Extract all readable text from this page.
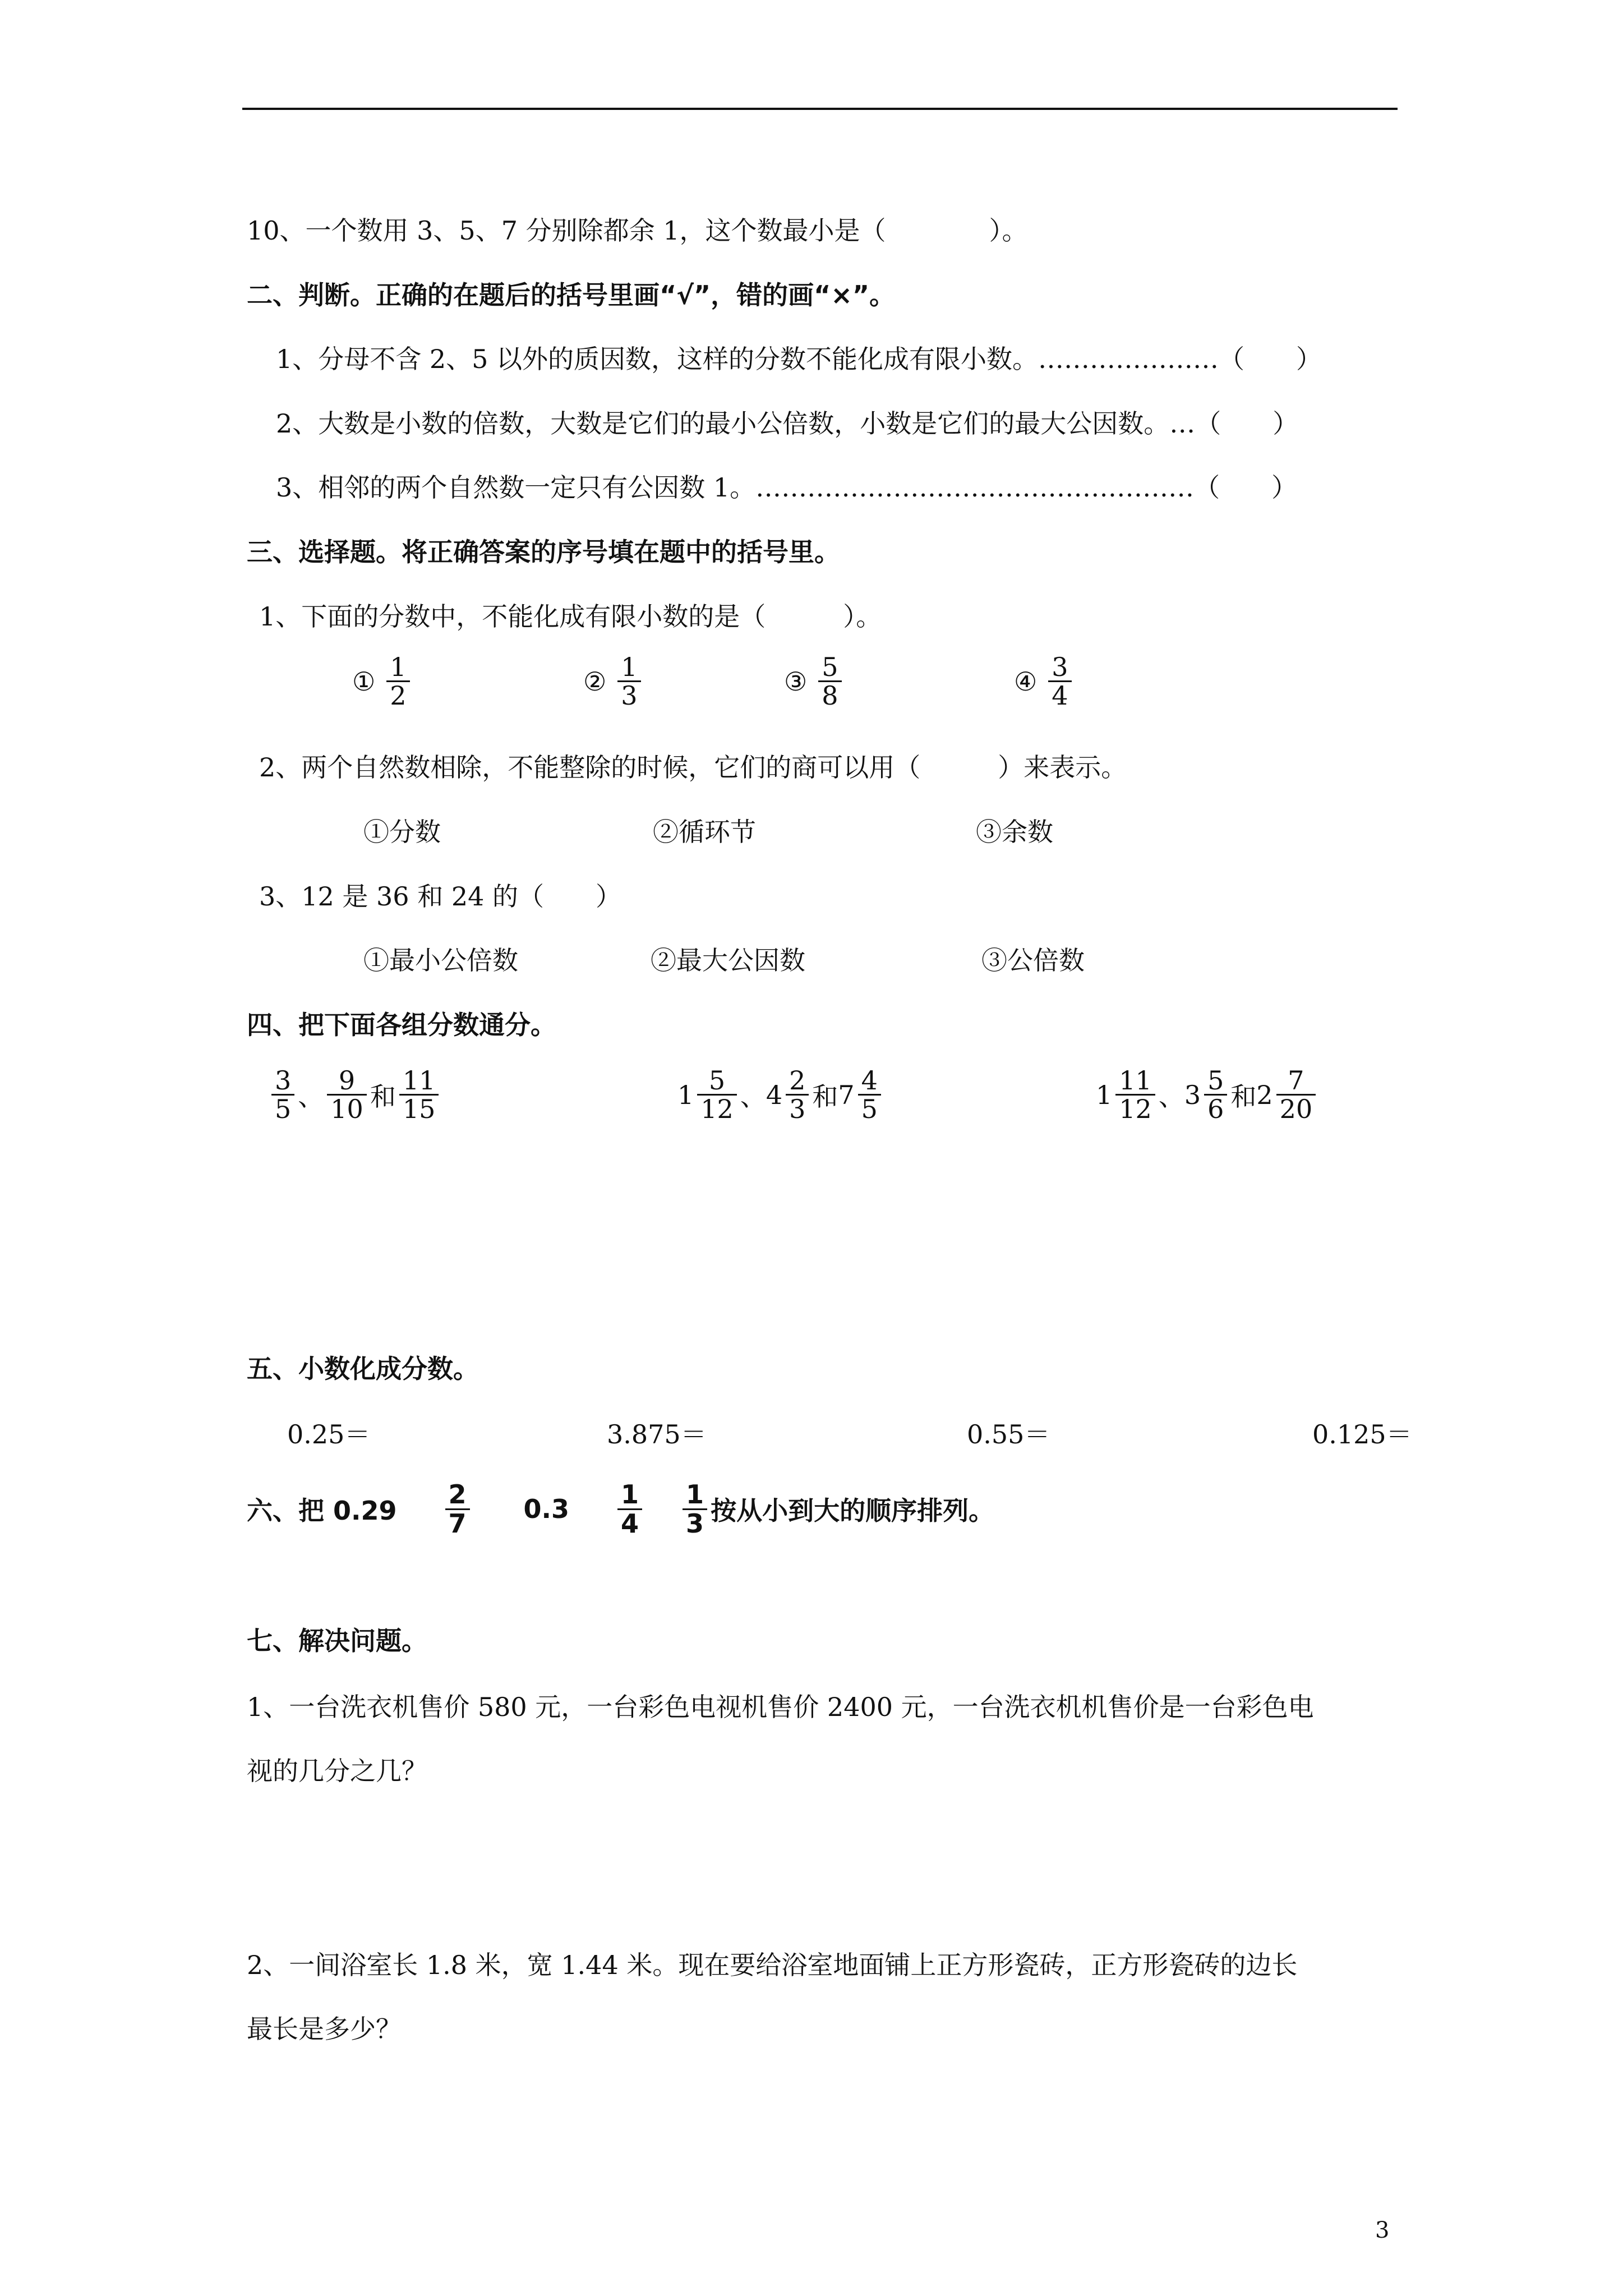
10、一个数用 3、5、7 分别除都余 1，这个数最小是（　　　　）。
二、判断。正确的在题后的括号里画“√”，错的画“×”。
1、分母不含 2、5 以外的质因数，这样的分数不能化成有限小数。…………………（　　）
2、大数是小数的倍数，大数是它们的最小公倍数，小数是它们的最大公因数。…（　　）
3、相邻的两个自然数一定只有公因数 1。……………………………………………（　　）
三、选择题。将正确答案的序号填在题中的括号里。
1、下面的分数中，不能化成有限小数的是（　　　）。
① $\frac{1}{2}$	② $\frac{1}{3}$	③ $\frac{5}{8}$	④ $\frac{3}{4}$
2、两个自然数相除，不能整除的时候，它们的商可以用（　　　）来表示。
①分数	②循环节	③余数
3、12 是 36 和 24 的（　　）
①最小公倍数	②最大公因数	③公倍数
四、把下面各组分数通分。
$\frac{3}{5}$ 、 $\frac{9}{10}$ 和 $\frac{11}{15}$	$1 \frac{5}{12}$ 、 $4 \frac{2}{3}$ 和 $7 \frac{4}{5}$	$1 \frac{11}{12}$ 、 $3 \frac{5}{6}$ 和 $2 \frac{7}{20}$
五、小数化成分数。
0.25＝	3.875＝	0.55＝	0.125＝
六、把 $0.29 \frac{2}{7} 0.3 \frac{1}{4} \frac{1}{3}$ 按从小到大的顺序排列。
七、解决问题。
1、一台洗衣机售价 580 元，一台彩色电视机售价 2400 元，一台洗衣机机售价是一台彩色电
视的几分之几？
2、一间浴室长 1.8 米，宽 1.44 米。现在要给浴室地面铺上正方形瓷砖，正方形瓷砖的边长
最长是多少？
3
